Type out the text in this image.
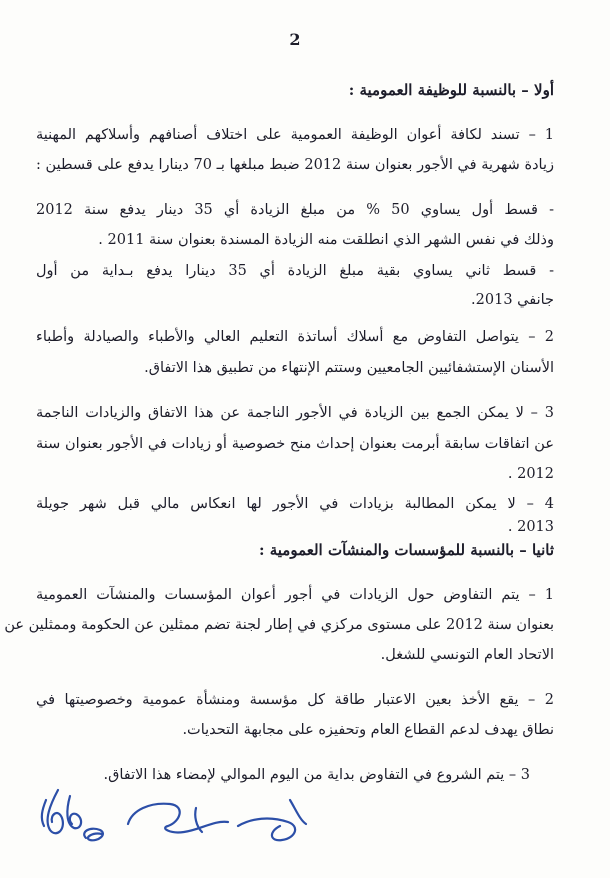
2
أولا – بالنسبة للوظيفة العمومية :
1 – تسند لكافة أعوان الوظيفة العمومية على اختلاف أصنافهم وأسلاكهم المهنية
زيادة شهرية في الأجور بعنوان سنة 2012 ضبط مبلغها بـ 70 دينارا يدفع على قسطين :
- قسط أول يساوي 50 % من مبلغ الزيادة أي 35 دينار يدفع سنة 2012
وذلك في نفس الشهر الذي انطلقت منه الزيادة المسندة بعنوان سنة 2011 .
- قسط ثاني يساوي بقية مبلغ الزيادة أي 35 دينارا يدفع بـداية من أول
جانفي 2013.
2 – يتواصل التفاوض مع أسلاك أساتذة التعليم العالي والأطباء والصيادلة وأطباء
الأسنان الإستشفائيين الجامعيين وستتم الإنتهاء من تطبيق هذا الاتفاق.
3 – لا يمكن الجمع بين الزيادة في الأجور الناجمة عن هذا الاتفاق والزيادات الناجمة
عن اتفاقات سابقة أبرمت بعنوان إحداث منح خصوصية أو زيادات في الأجور بعنوان سنة
2012 .
4 – لا يمكن المطالبة بزيادات في الأجور لها انعكاس مالي قبل شهر جويلة
2013 .
ثانيا – بالنسبة للمؤسسات والمنشآت العمومية :
1 – يتم التفاوض حول الزيادات في أجور أعوان المؤسسات والمنشآت العمومية
بعنوان سنة 2012 على مستوى مركزي في إطار لجنة تضم ممثلين عن الحكومة وممثلين عن
الاتحاد العام التونسي للشغل.
2 – يقع الأخذ بعين الاعتبار طاقة كل مؤسسة ومنشأة عمومية وخصوصيتها في
نطاق يهدف لدعم القطاع العام وتحفيزه على مجابهة التحديات.
3 – يتم الشروع في التفاوض بداية من اليوم الموالي لإمضاء هذا الاتفاق.
